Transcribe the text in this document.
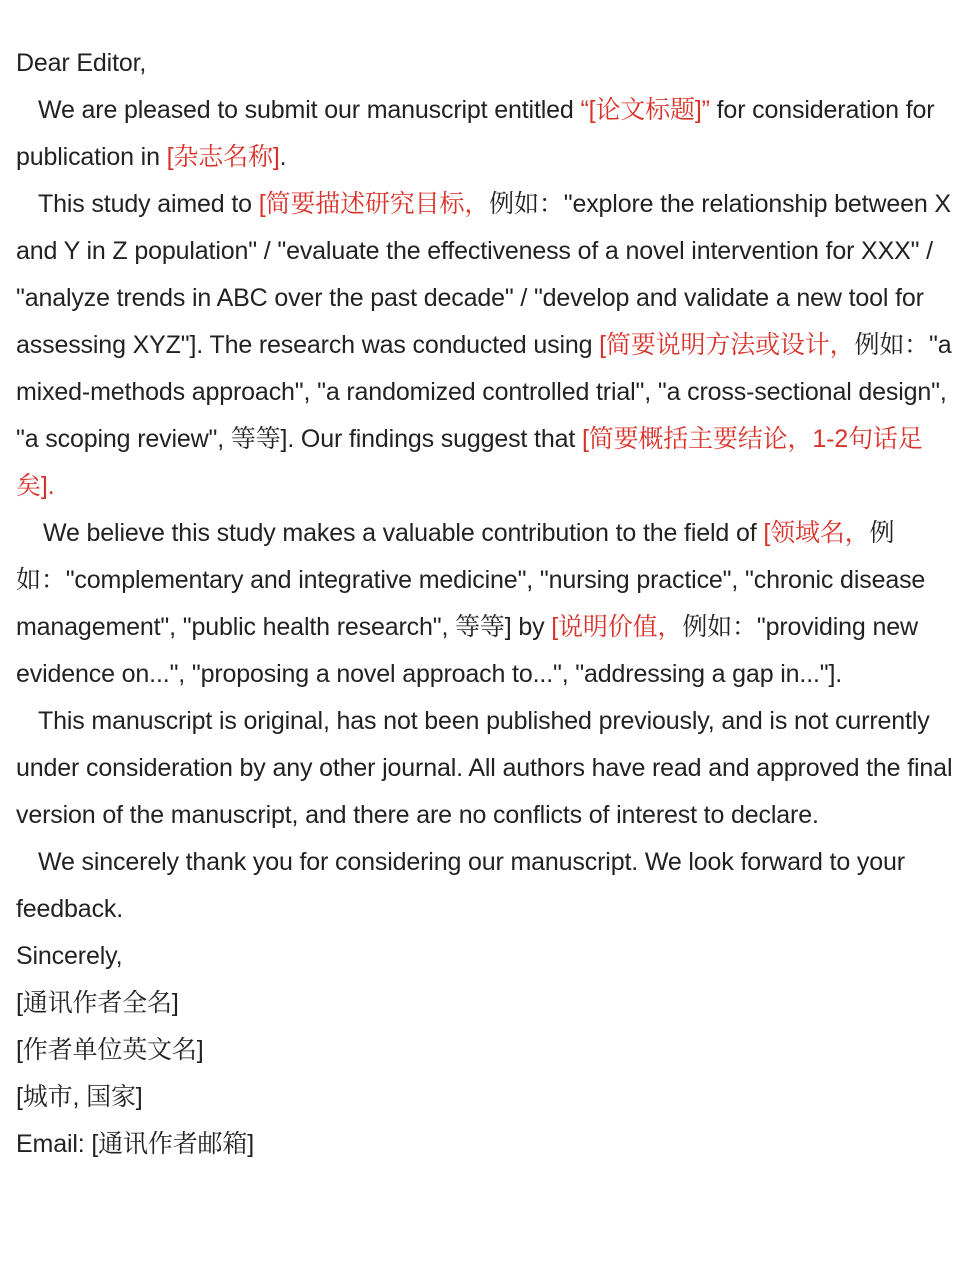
Dear Editor,

We are pleased to submit our manuscript entitled “[论文标题]” for consideration for publication in [杂志名称].

This study aimed to [简要描述研究目标，例如："explore the relationship between X and Y in Z population" / "evaluate the effectiveness of a novel intervention for XXX" / "analyze trends in ABC over the past decade" / "develop and validate a new tool for assessing XYZ"]. The research was conducted using [简要说明方法或设计，例如："a mixed-methods approach", "a randomized controlled trial", "a cross-sectional design", "a scoping review", 等等]. Our findings suggest that [简要概括主要结论，1-2句话足矣].

We believe this study makes a valuable contribution to the field of [领域名，例如："complementary and integrative medicine", "nursing practice", "chronic disease management", "public health research", 等等] by [说明价值，例如："providing new evidence on...", "proposing a novel approach to...", "addressing a gap in..."].

This manuscript is original, has not been published previously, and is not currently under consideration by any other journal. All authors have read and approved the final version of the manuscript, and there are no conflicts of interest to declare.

We sincerely thank you for considering our manuscript. We look forward to your feedback.

Sincerely,

[通讯作者全名]

[作者单位英文名]

[城市, 国家]

Email: [通讯作者邮箱]
